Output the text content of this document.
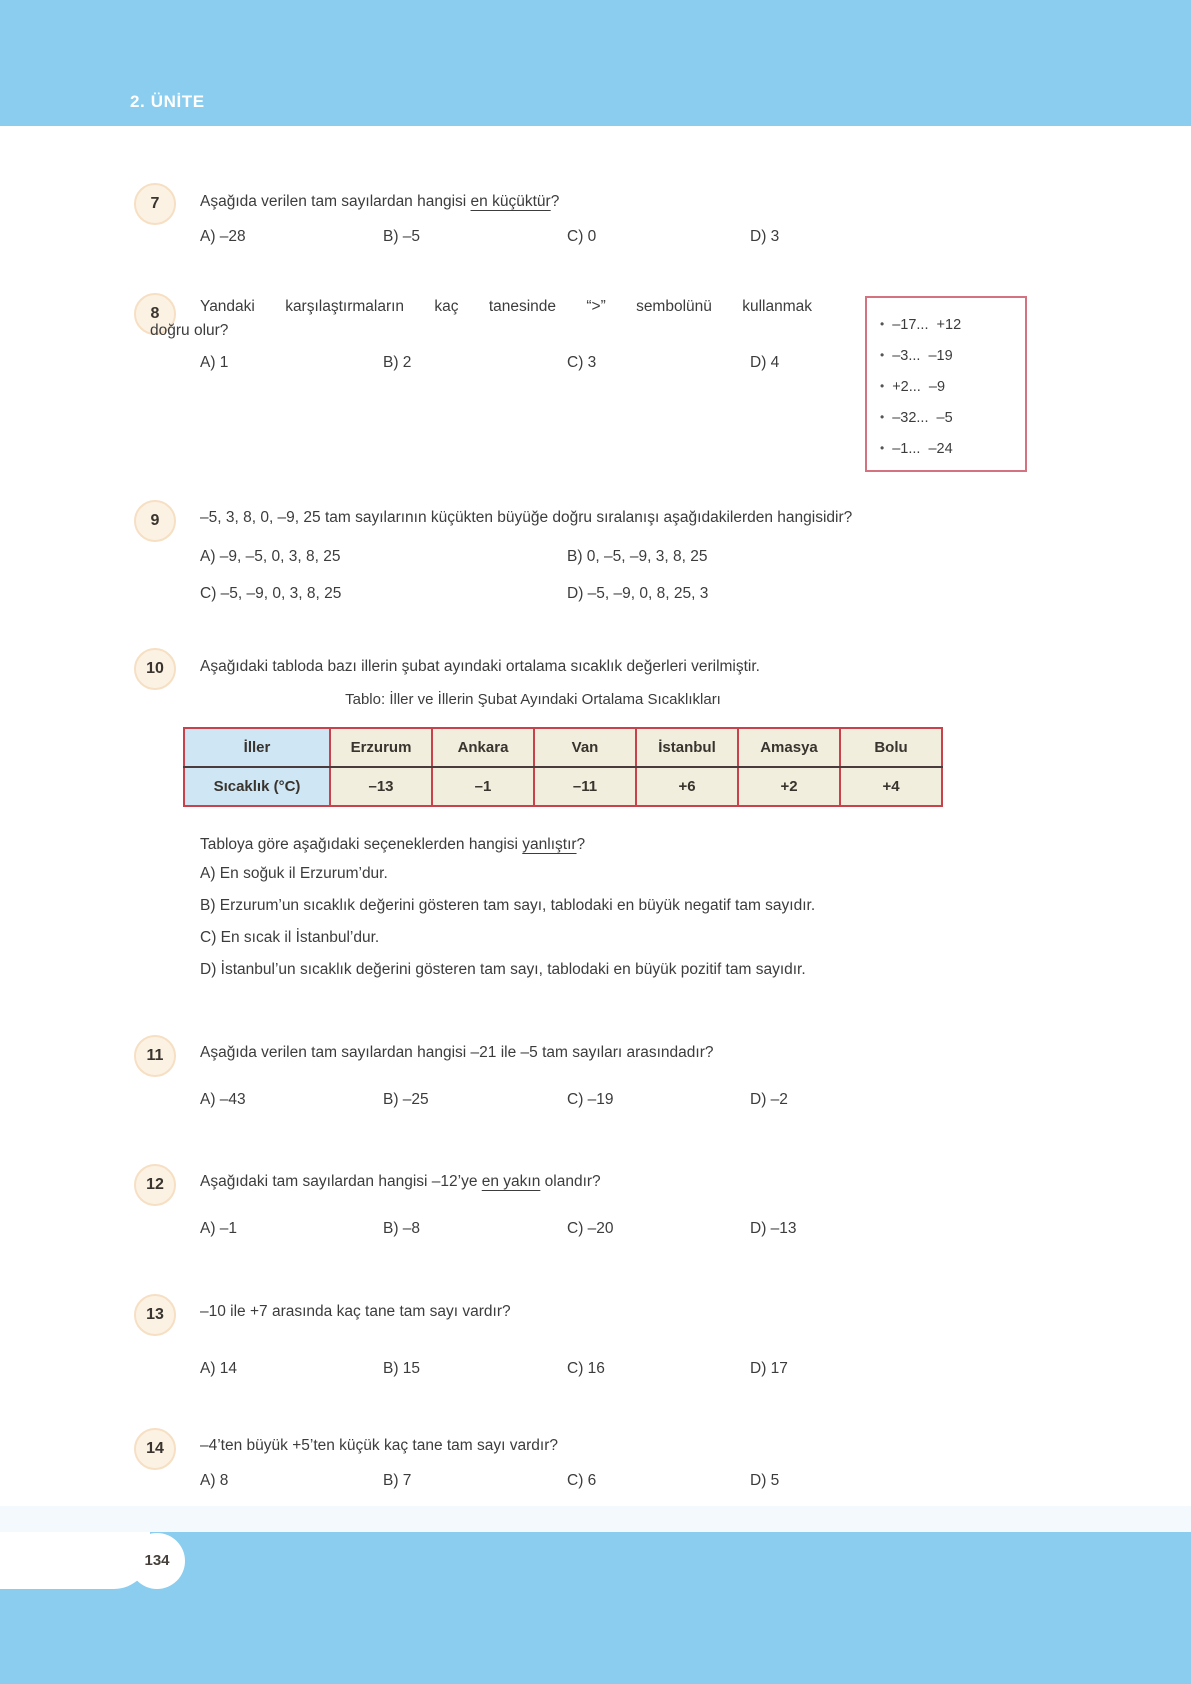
2. ÜNİTE
7	Aşağıda verilen tam sayılardan hangisi en küçüktür?
A) –28	B) –5	C) 0	D) 3
8	Yandaki karşılaştırmaların kaç tanesinde “>” sembolünü kullanmak
doğru olur?
A) 1	B) 2	C) 3	D) 4
• –17...  +12
• –3...  –19
• +2...  –9
• –32...  –5
• –1...  –24
9	–5, 3, 8, 0, –9, 25 tam sayılarının küçükten büyüğe doğru sıralanışı aşağıdakilerden hangisidir?
A) –9, –5, 0, 3, 8, 25	B) 0, –5, –9, 3, 8, 25
C) –5, –9, 0, 3, 8, 25	D) –5, –9, 0, 8, 25, 3
10	Aşağıdaki tabloda bazı illerin şubat ayındaki ortalama sıcaklık değerleri verilmiştir.
Tablo: İller ve İllerin Şubat Ayındaki Ortalama Sıcaklıkları
İller	Erzurum	Ankara	Van	İstanbul	Amasya	Bolu
Sıcaklık (°C)	–13	–1	–11	+6	+2	+4
Tabloya göre aşağıdaki seçeneklerden hangisi yanlıştır?
A) En soğuk il Erzurum’dur.
B) Erzurum’un sıcaklık değerini gösteren tam sayı, tablodaki en büyük negatif tam sayıdır.
C) En sıcak il İstanbul’dur.
D) İstanbul’un sıcaklık değerini gösteren tam sayı, tablodaki en büyük pozitif tam sayıdır.
11	Aşağıda verilen tam sayılardan hangisi –21 ile –5 tam sayıları arasındadır?
A) –43	B) –25	C) –19	D) –2
12	Aşağıdaki tam sayılardan hangisi –12’ye en yakın olandır?
A) –1	B) –8	C) –20	D) –13
13	–10 ile +7 arasında kaç tane tam sayı vardır?
A) 14	B) 15	C) 16	D) 17
14	–4’ten büyük +5’ten küçük kaç tane tam sayı vardır?
A) 8	B) 7	C) 6	D) 5
134
